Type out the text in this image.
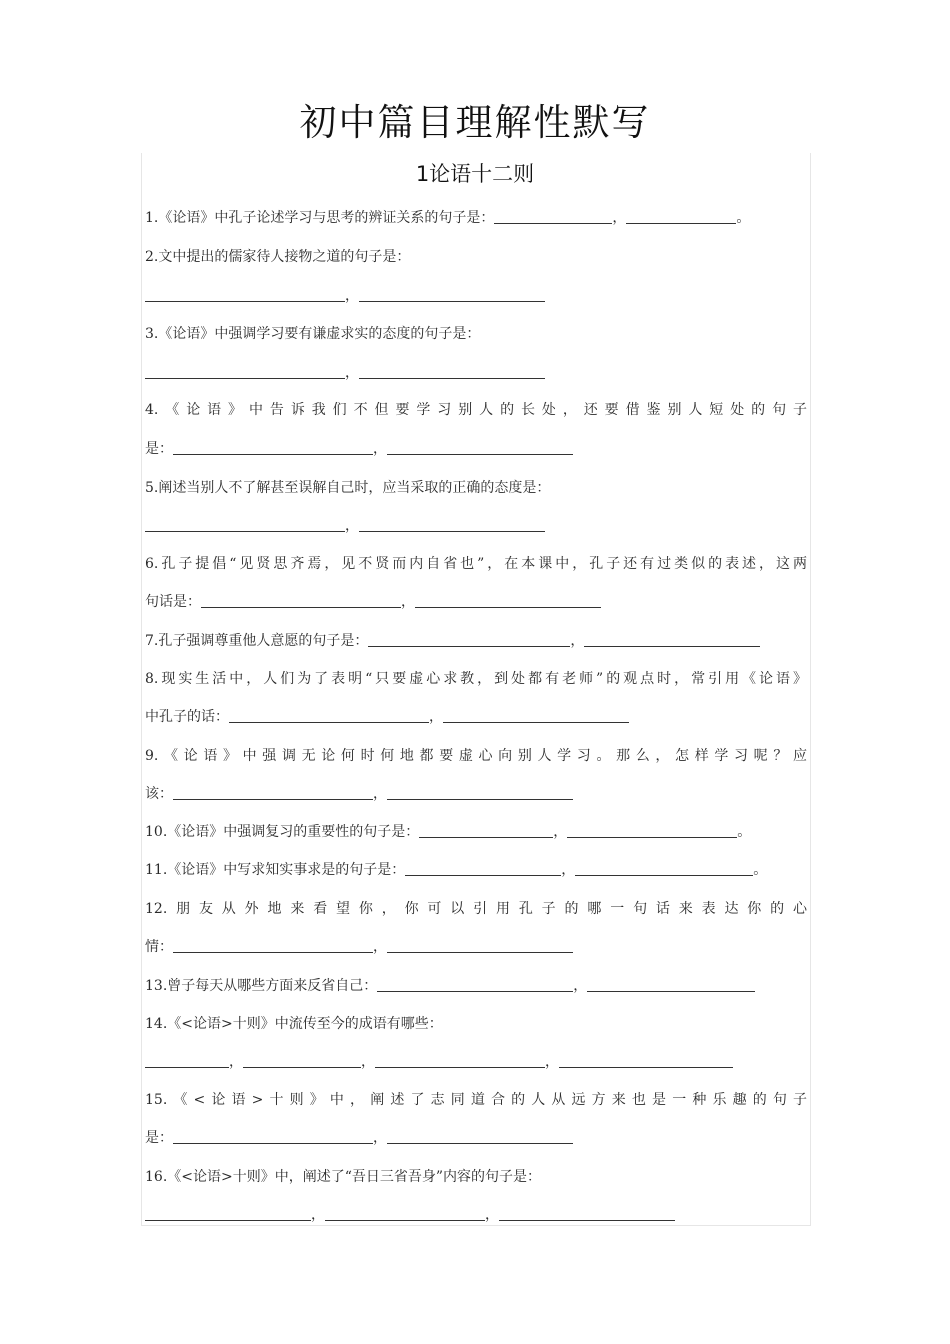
初中篇目理解性默写
1论语十二则
1.《论语》中孔子论述学习与思考的辨证关系的句子是：	，	。
2.文中提出的儒家待人接物之道的句子是：
，
3.《论语》中强调学习要有谦虚求实的态度的句子是：
，
4.《论语》中告诉我们不但要学习别人的长处，还要借鉴别人短处的句子
是：	，
5.阐述当别人不了解甚至误解自己时，应当采取的正确的态度是：
，
6.孔子提倡“见贤思齐焉，见不贤而内自省也”，在本课中，孔子还有过类似的表述，这两
句话是：	，
7.孔子强调尊重他人意愿的句子是：	，
8.现实生活中，人们为了表明“只要虚心求教，到处都有老师”的观点时，常引用《论语》
中孔子的话：	，
9.《论语》中强调无论何时何地都要虚心向别人学习。那么，怎样学习呢？应
该：	，
10.《论语》中强调复习的重要性的句子是：	，	。
11.《论语》中写求知实事求是的句子是：	，	。
12.朋友从外地来看望你，你可以引用孔子的哪一句话来表达你的心
情：	，
13.曾子每天从哪些方面来反省自己：	，
14.《<论语>十则》中流传至今的成语有哪些：
，	，	，
15.《<论语>十则》中，阐述了志同道合的人从远方来也是一种乐趣的句子
是：	，
16.《<论语>十则》中，阐述了“吾日三省吾身”内容的句子是：
，	，
